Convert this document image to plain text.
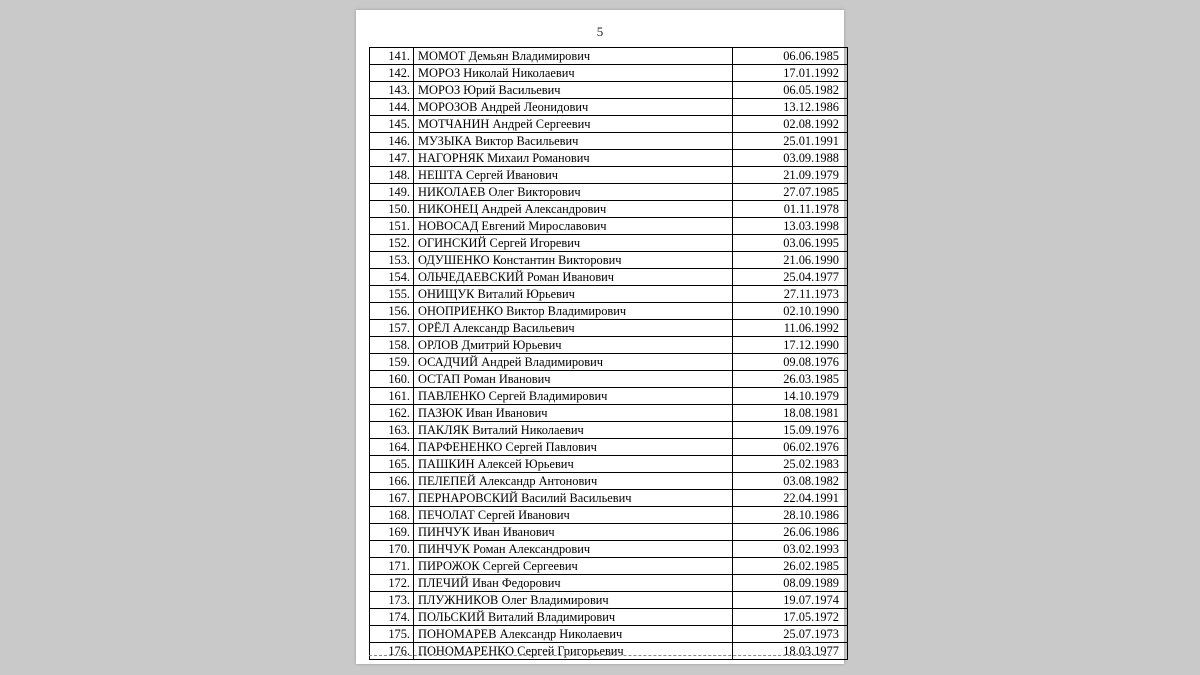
5
141.	МОМОТ Демьян Владимирович	06.06.1985
142.	МОРОЗ Николай Николаевич	17.01.1992
143.	МОРОЗ Юрий Васильевич	06.05.1982
144.	МОРОЗОВ Андрей Леонидович	13.12.1986
145.	МОТЧАНИН Андрей Сергеевич	02.08.1992
146.	МУЗЫКА Виктор Васильевич	25.01.1991
147.	НАГОРНЯК Михаил Романович	03.09.1988
148.	НЕШТА Сергей Иванович	21.09.1979
149.	НИКОЛАЕВ Олег Викторович	27.07.1985
150.	НИКОНЕЦ Андрей Александрович	01.11.1978
151.	НОВОСАД Евгений Мирославович	13.03.1998
152.	ОГИНСКИЙ Сергей Игоревич	03.06.1995
153.	ОДУШЕНКО Константин Викторович	21.06.1990
154.	ОЛЬЧЕДАЕВСКИЙ Роман Иванович	25.04.1977
155.	ОНИЩУК Виталий Юрьевич	27.11.1973
156.	ОНОПРИЕНКО Виктор Владимирович	02.10.1990
157.	ОРЁЛ Александр Васильевич	11.06.1992
158.	ОРЛОВ Дмитрий Юрьевич	17.12.1990
159.	ОСАДЧИЙ Андрей Владимирович	09.08.1976
160.	ОСТАП Роман Иванович	26.03.1985
161.	ПАВЛЕНКО Сергей Владимирович	14.10.1979
162.	ПАЗЮК Иван Иванович	18.08.1981
163.	ПАКЛЯК Виталий Николаевич	15.09.1976
164.	ПАРФЕНЕНКО Сергей Павлович	06.02.1976
165.	ПАШКИН Алексей Юрьевич	25.02.1983
166.	ПЕЛЕПЕЙ Александр Антонович	03.08.1982
167.	ПЕРНАРОВСКИЙ Василий Васильевич	22.04.1991
168.	ПЕЧОЛАТ Сергей Иванович	28.10.1986
169.	ПИНЧУК Иван Иванович	26.06.1986
170.	ПИНЧУК Роман Александрович	03.02.1993
171.	ПИРОЖОК Сергей Сергеевич	26.02.1985
172.	ПЛЕЧИЙ Иван Федорович	08.09.1989
173.	ПЛУЖНИКОВ Олег Владимирович	19.07.1974
174.	ПОЛЬСКИЙ Виталий Владимирович	17.05.1972
175.	ПОНОМАРЕВ Александр Николаевич	25.07.1973
176.	ПОНОМАРЕНКО Сергей Григорьевич	18.03.1977
